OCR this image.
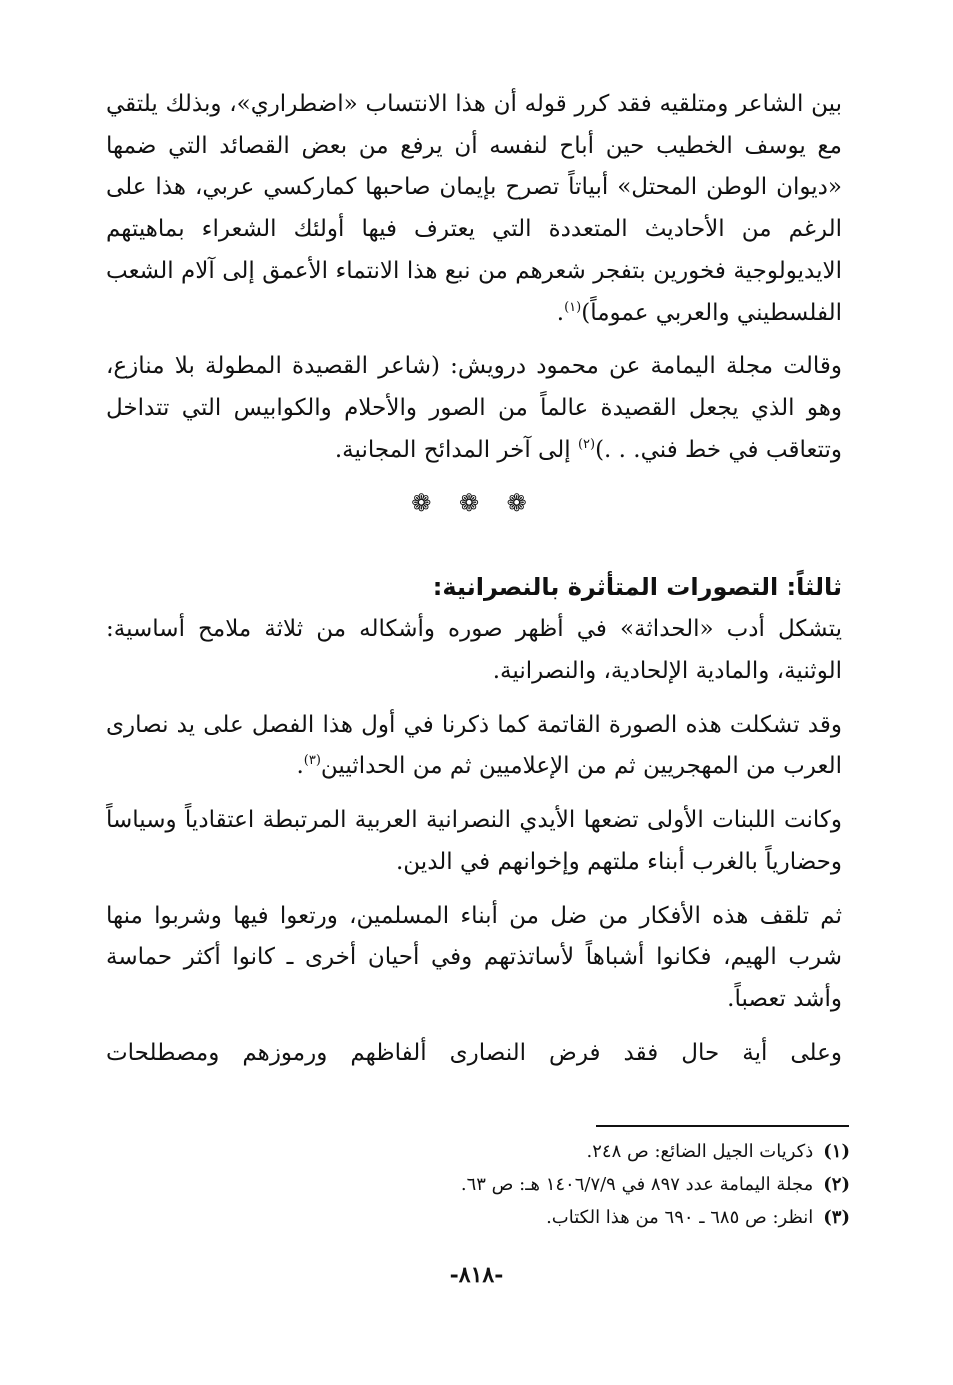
بين الشاعر ومتلقيه فقد كرر قوله أن هذا الانتساب «اضطراري»، وبذلك يلتقي مع يوسف الخطيب حين أباح لنفسه أن يرفع من بعض القصائد التي ضمها «ديوان الوطن المحتل» أبياتاً تصرح بإيمان صاحبها كماركسي عربي، هذا على الرغم من الأحاديث المتعددة التي يعترف فيها أولئك الشعراء بماهيتهم الايديولوجية فخورين بتفجر شعرهم من نبع هذا الانتماء الأعمق إلى آلام الشعب الفلسطيني والعربي عموماً)$^{(١)}$.

وقالت مجلة اليمامة عن محمود درويش: (شاعر القصيدة المطولة بلا منازع، وهو الذي يجعل القصيدة عالماً من الصور والأحلام والكوابيس التي تتداخل وتتعاقب في خط فني. . .)$^{(٢)}$ إلى آخر المدائح المجانية.

❁ ❁ ❁
ثالثاً: التصورات المتأثرة بالنصرانية:

يتشكل أدب «الحداثة» في أظهر صوره وأشكاله من ثلاثة ملامح أساسية: الوثنية، والمادية الإلحادية، والنصرانية.

وقد تشكلت هذه الصورة القاتمة كما ذكرنا في أول هذا الفصل على يد نصارى العرب من المهجريين ثم من الإعلاميين ثم من الحداثيين$^{(٣)}$.

وكانت اللبنات الأولى تضعها الأيدي النصرانية العربية المرتبطة اعتقادياً وسياساً وحضارياً بالغرب أبناء ملتهم وإخوانهم في الدين.

ثم تلقف هذه الأفكار من ضل من أبناء المسلمين، ورتعوا فيها وشربوا منها شرب الهيم، فكانوا أشباهاً لأساتذتهم وفي أحيان أخرى ـ كانوا أكثر حماسة وأشد تعصباً.

وعلى أية حال فقد فرض النصارى ألفاظهم ورموزهم ومصطلحات

(١)ذكريات الجيل الضائع: ص ٢٤٨.
(٢)مجلة اليمامة عدد ٨٩٧ في ١٤٠٦/٧/٩ هـ: ص ٦٣.
(٣)انظر: ص ٦٨٥ ـ ٦٩٠ من هذا الكتاب.
-٨١٨-
